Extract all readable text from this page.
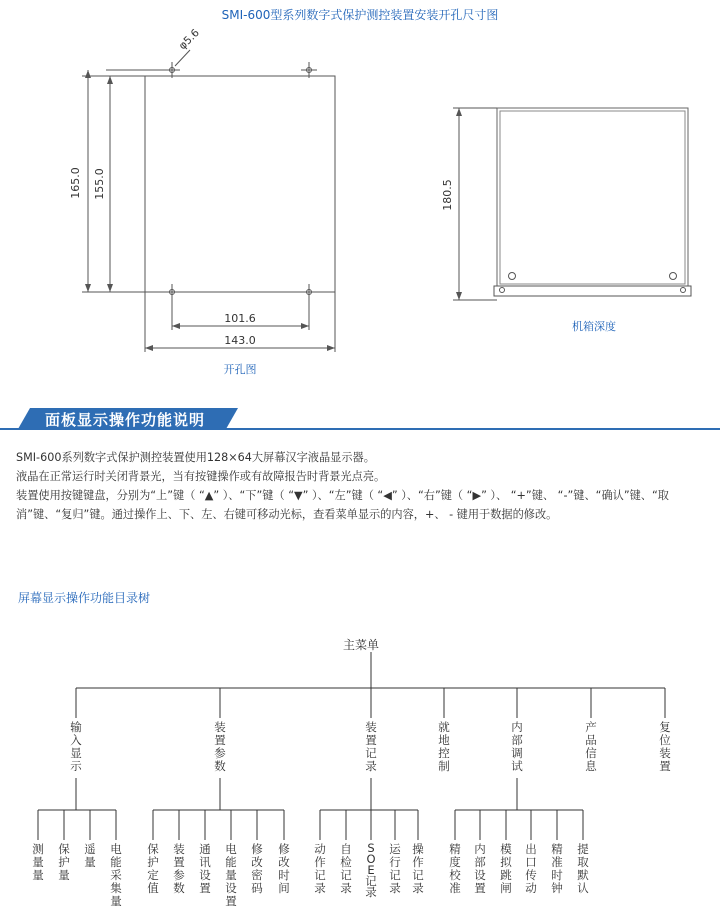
SMI-600型系列数字式保护测控装置安装开孔尺寸图
φ5.6
165.0 155.0
101.6
143.0
180.5
开孔图
机箱深度
面板显示操作功能说明
SMI-600系列数字式保护测控装置使用128×64大屏幕汉字液晶显示器。
液晶在正常运行时关闭背景光，当有按键操作或有故障报告时背景光点亮。
装置使用按键键盘，分别为“上”键（ “▲” ）、“下”键（ “▼” ）、“左”键（ “◀” ）、“右”键（ “▶” ）、 “+”键、 “-”键、“确认”键、“取消”键、“复归”键。通过操作上、下、左、右键可移动光标，查看菜单显示的内容，+、 - 键用于数据的修改。
屏幕显示操作功能目录树
主菜单
输入显示
装置参数
装置记录
就地控制
内部调试
产品信息
复位装置
测量量
保护量
遥量
电能采集量
保护定值
装置参数
通讯设置
电能量设置
修改密码
修改时间
动作记录
自检记录
SOE记录
运行记录
操作记录
精度校准
内部设置
模拟跳闸
出口传动
精准时钟
提取默认
